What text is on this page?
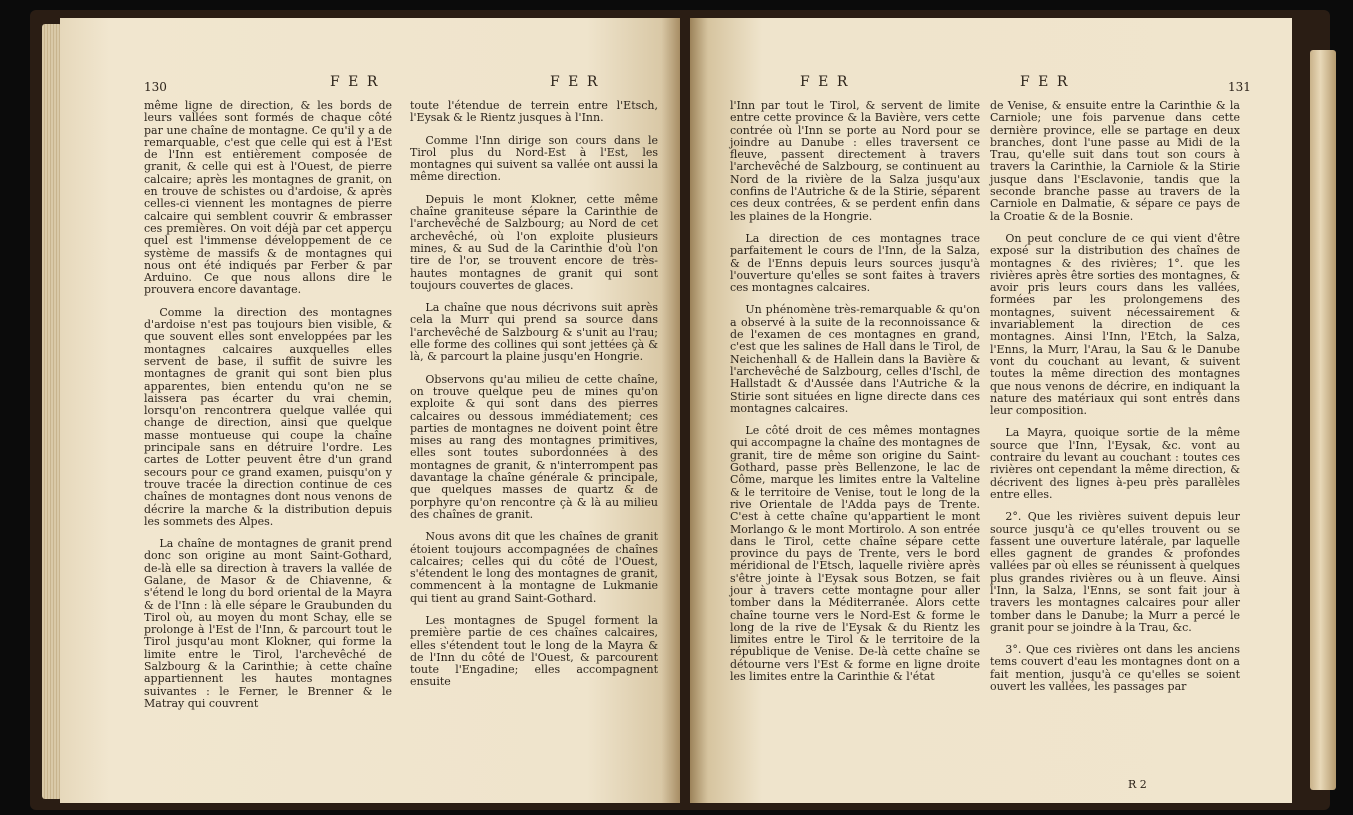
130	F E R	F E R

même ligne de direction, & les bords de leurs vallées sont formés de chaque côté par une chaîne de montagne. Ce qu'il y a de remarquable, c'est que celle qui est à l'Est de l'Inn est entièrement composée de granit, & celle qui est à l'Ouest, de pierre calcaire; après les montagnes de granit, on en trouve de schistes ou d'ardoise, & après celles-ci viennent les montagnes de pierre calcaire qui semblent couvrir & embrasser ces premières. On voit déjà par cet apperçu quel est l'immense développement de ce système de massifs & de montagnes qui nous ont été indiqués par Ferber & par Arduino. Ce que nous allons dire le prouvera encore davantage.

Comme la direction des montagnes d'ardoise n'est pas toujours bien visible, & que souvent elles sont enveloppées par les montagnes calcaires auxquelles elles servent de base, il suffit de suivre les montagnes de granit qui sont bien plus apparentes, bien entendu qu'on ne se laissera pas écarter du vrai chemin, lorsqu'on rencontrera quelque vallée qui change de direction, ainsi que quelque masse montueuse qui coupe la chaîne principale sans en détruire l'ordre. Les cartes de Lotter peuvent être d'un grand secours pour ce grand examen, puisqu'on y trouve tracée la direction continue de ces chaînes de montagnes dont nous venons de décrire la marche & la distribution depuis les sommets des Alpes.

La chaîne de montagnes de granit prend donc son origine au mont Saint-Gothard, de-là elle sa direction à travers la vallée de Galane, de Masor & de Chiavenne, & s'étend le long du bord oriental de la Mayra & de l'Inn : là elle sépare le Graubunden du Tirol où, au moyen du mont Schay, elle se prolonge à l'Est de l'Inn, & parcourt tout le Tirol jusqu'au mont Klokner, qui forme la limite entre le Tirol, l'archevêché de Salzbourg & la Carinthie; à cette chaîne appartiennent les hautes montagnes suivantes : le Ferner, le Brenner & le Matray qui couvrent

toute l'étendue de terrein entre l'Etsch, l'Eysak & le Rientz jusques à l'Inn.

Comme l'Inn dirige son cours dans le Tirol plus du Nord-Est à l'Est, les montagnes qui suivent sa vallée ont aussi la même direction.

Depuis le mont Klokner, cette même chaîne graniteuse sépare la Carinthie de l'archevêché de Salzbourg; au Nord de cet archevêché, où l'on exploite plusieurs mines, & au Sud de la Carinthie d'où l'on tire de l'or, se trouvent encore de très-hautes montagnes de granit qui sont toujours couvertes de glaces.

La chaîne que nous décrivons suit après cela la Murr qui prend sa source dans l'archevêché de Salzbourg & s'unit au l'rau; elle forme des collines qui sont jettées çà & là, & parcourt la plaine jusqu'en Hongrie.

Observons qu'au milieu de cette chaîne, on trouve quelque peu de mines qu'on exploite & qui sont dans des pierres calcaires ou dessous immédiatement; ces parties de montagnes ne doivent point être mises au rang des montagnes primitives, elles sont toutes subordonnées à des montagnes de granit, & n'interrompent pas davantage la chaîne générale & principale, que quelques masses de quartz & de porphyre qu'on rencontre çà & là au milieu des chaînes de granit.

Nous avons dit que les chaînes de granit étoient toujours accompagnées de chaînes calcaires; celles qui du côté de l'Ouest, s'étendent le long des montagnes de granit, commencent à la montagne de Lukmanie qui tient au grand Saint-Gothard.

Les montagnes de Spugel forment la première partie de ces chaînes calcaires, elles s'étendent tout le long de la Mayra & de l'Inn du côté de l'Ouest, & parcourent toute l'Engadine; elles accompagnent ensuite

F E R	F E R	131

l'Inn par tout le Tirol, & servent de limite entre cette province & la Bavière, vers cette contrée où l'Inn se porte au Nord pour se joindre au Danube : elles traversent ce fleuve, passent directement à travers l'archevêché de Salzbourg, se continuent au Nord de la rivière de la Salza jusqu'aux confins de l'Autriche & de la Stirie, séparent ces deux contrées, & se perdent enfin dans les plaines de la Hongrie.

La direction de ces montagnes trace parfaitement le cours de l'Inn, de la Salza, & de l'Enns depuis leurs sources jusqu'à l'ouverture qu'elles se sont faites à travers ces montagnes calcaires.

Un phénomène très-remarquable & qu'on a observé à la suite de la reconnoissance & de l'examen de ces montagnes en grand, c'est que les salines de Hall dans le Tirol, de Neichenhall & de Hallein dans la Bavière & l'archevêché de Salzbourg, celles d'Ischl, de Hallstadt & d'Aussée dans l'Autriche & la Stirie sont situées en ligne directe dans ces montagnes calcaires.

Le côté droit de ces mêmes montagnes qui accompagne la chaîne des montagnes de granit, tire de même son origine du Saint-Gothard, passe près Bellenzone, le lac de Côme, marque les limites entre la Valteline & le territoire de Venise, tout le long de la rive Orientale de l'Adda pays de Trente. C'est à cette chaîne qu'appartient le mont Morlango & le mont Mortirolo. A son entrée dans le Tirol, cette chaîne sépare cette province du pays de Trente, vers le bord méridional de l'Etsch, laquelle rivière après s'être jointe à l'Eysak sous Botzen, se fait jour à travers cette montagne pour aller tomber dans la Méditerranée. Alors cette chaîne tourne vers le Nord-Est & forme le long de la rive de l'Eysak & du Rientz les limites entre le Tirol & le territoire de la république de Venise. De-là cette chaîne se détourne vers l'Est & forme en ligne droite les limites entre la Carinthie & l'état

de Venise, & ensuite entre la Carinthie & la Carniole; une fois parvenue dans cette dernière province, elle se partage en deux branches, dont l'une passe au Midi de la Trau, qu'elle suit dans tout son cours à travers la Carinthie, la Carniole & la Stirie jusque dans l'Esclavonie, tandis que la seconde branche passe au travers de la Carniole en Dalmatie, & sépare ce pays de la Croatie & de la Bosnie.

On peut conclure de ce qui vient d'être exposé sur la distribution des chaînes de montagnes & des rivières; 1°. que les rivières après être sorties des montagnes, & avoir pris leurs cours dans les vallées, formées par les prolongemens des montagnes, suivent nécessairement & invariablement la direction de ces montagnes. Ainsi l'Inn, l'Etch, la Salza, l'Enns, la Murr, l'Arau, la Sau & le Danube vont du couchant au levant, & suivent toutes la même direction des montagnes que nous venons de décrire, en indiquant la nature des matériaux qui sont entrés dans leur composition.

La Mayra, quoique sortie de la même source que l'Inn, l'Eysak, &c. vont au contraire du levant au couchant : toutes ces rivières ont cependant la même direction, & décrivent des lignes à-peu près parallèles entre elles.

2°. Que les rivières suivent depuis leur source jusqu'à ce qu'elles trouvent ou se fassent une ouverture latérale, par laquelle elles gagnent de grandes & profondes vallées par où elles se réunissent à quelques plus grandes rivières ou à un fleuve. Ainsi l'Inn, la Salza, l'Enns, se sont fait jour à travers les montagnes calcaires pour aller tomber dans le Danube; la Murr a percé le granit pour se joindre à la Trau, &c.

3°. Que ces rivières ont dans les anciens tems couvert d'eau les montagnes dont on a fait mention, jusqu'à ce qu'elles se soient ouvert les vallées, les passages par

R 2
